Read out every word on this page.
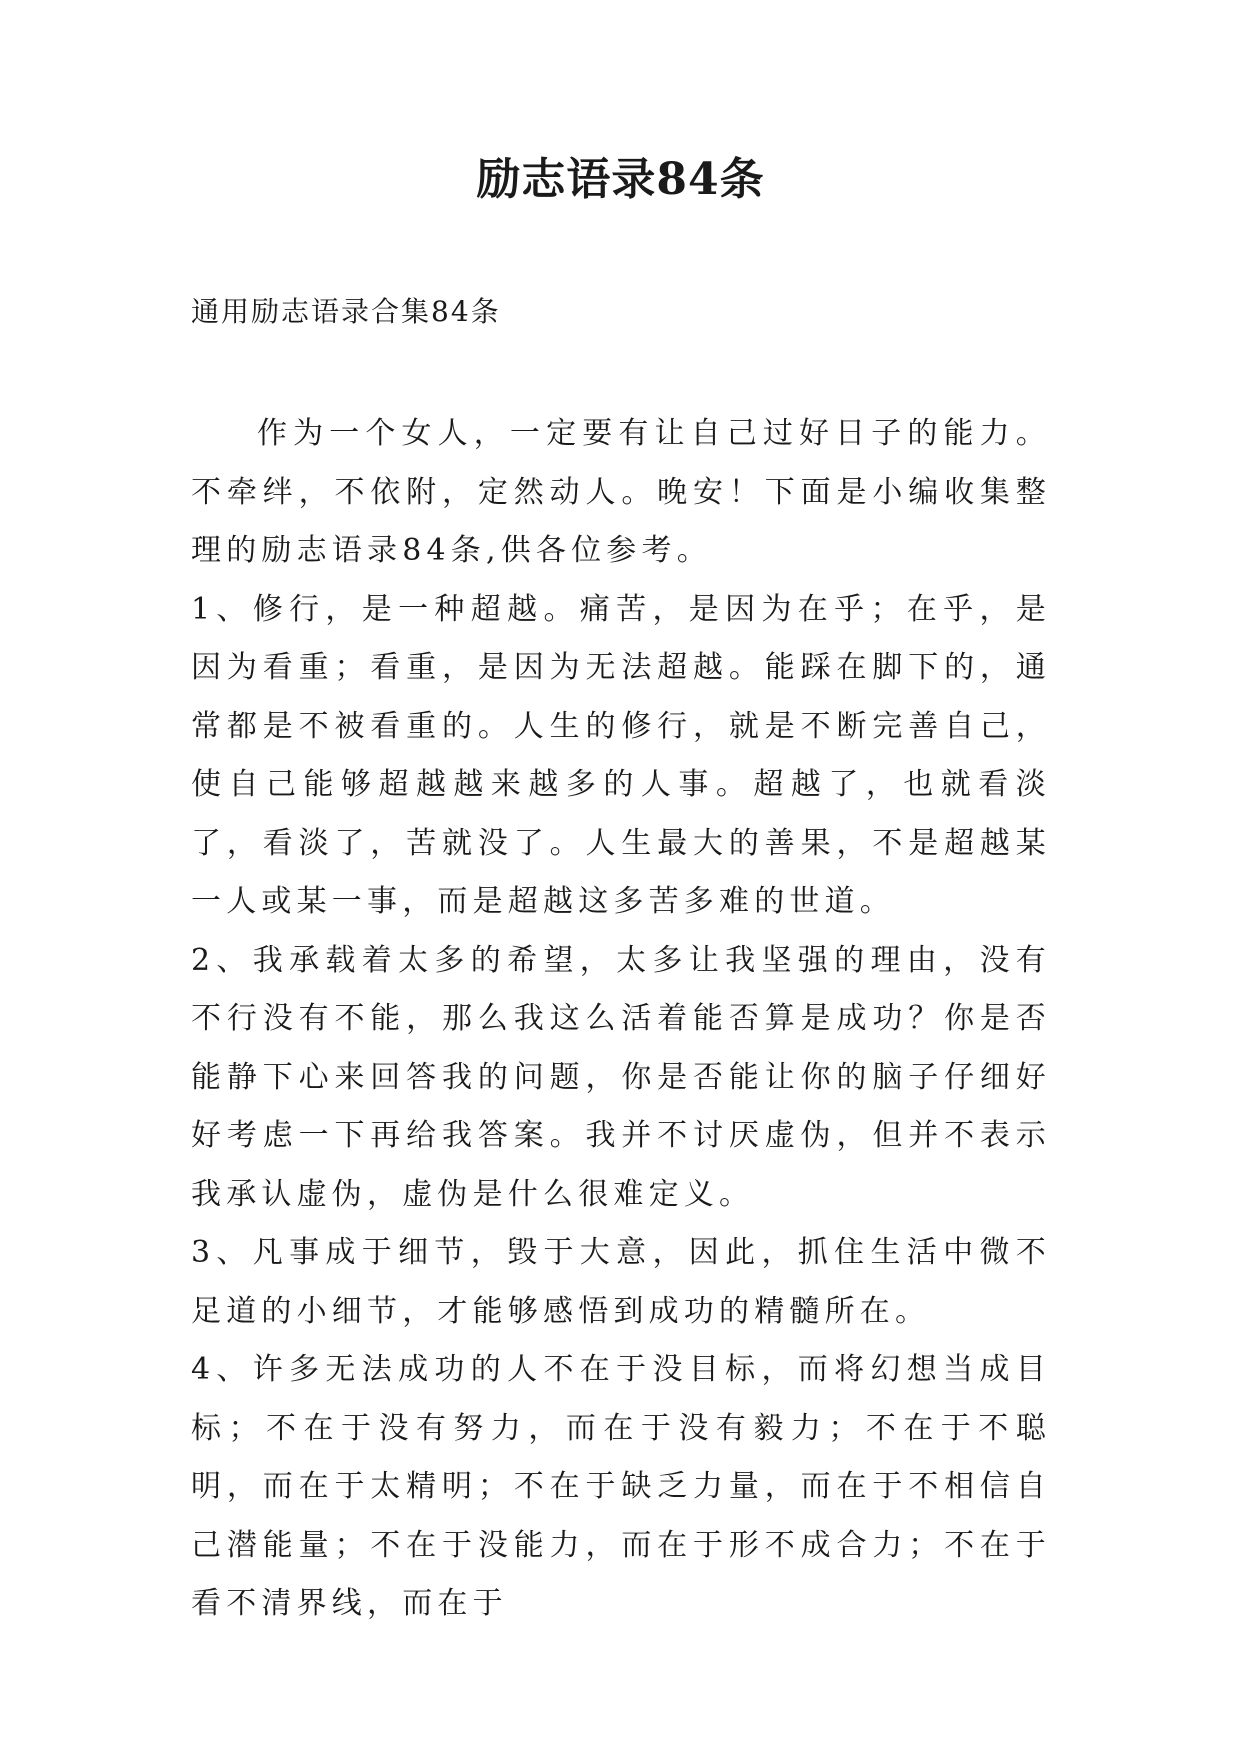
励志语录84条

通用励志语录合集84条

作为一个女人，一定要有让自己过好日子的能力。不牵绊，不依附，定然动人。晚安！下面是小编收集整理的励志语录84条,供各位参考。

1、修行，是一种超越。痛苦，是因为在乎；在乎，是因为看重；看重，是因为无法超越。能踩在脚下的，通常都是不被看重的。人生的修行，就是不断完善自己，使自己能够超越越来越多的人事。超越了，也就看淡了，看淡了，苦就没了。人生最大的善果，不是超越某一人或某一事，而是超越这多苦多难的世道。

2、我承载着太多的希望，太多让我坚强的理由，没有不行没有不能，那么我这么活着能否算是成功？你是否能静下心来回答我的问题，你是否能让你的脑子仔细好好考虑一下再给我答案。我并不讨厌虚伪，但并不表示我承认虚伪，虚伪是什么很难定义。

3、凡事成于细节，毁于大意，因此，抓住生活中微不足道的小细节，才能够感悟到成功的精髓所在。

4、许多无法成功的人不在于没目标，而将幻想当成目标；不在于没有努力，而在于没有毅力；不在于不聪明，而在于太精明；不在于缺乏力量，而在于不相信自己潜能量；不在于没能力，而在于形不成合力；不在于看不清界线，而在于
